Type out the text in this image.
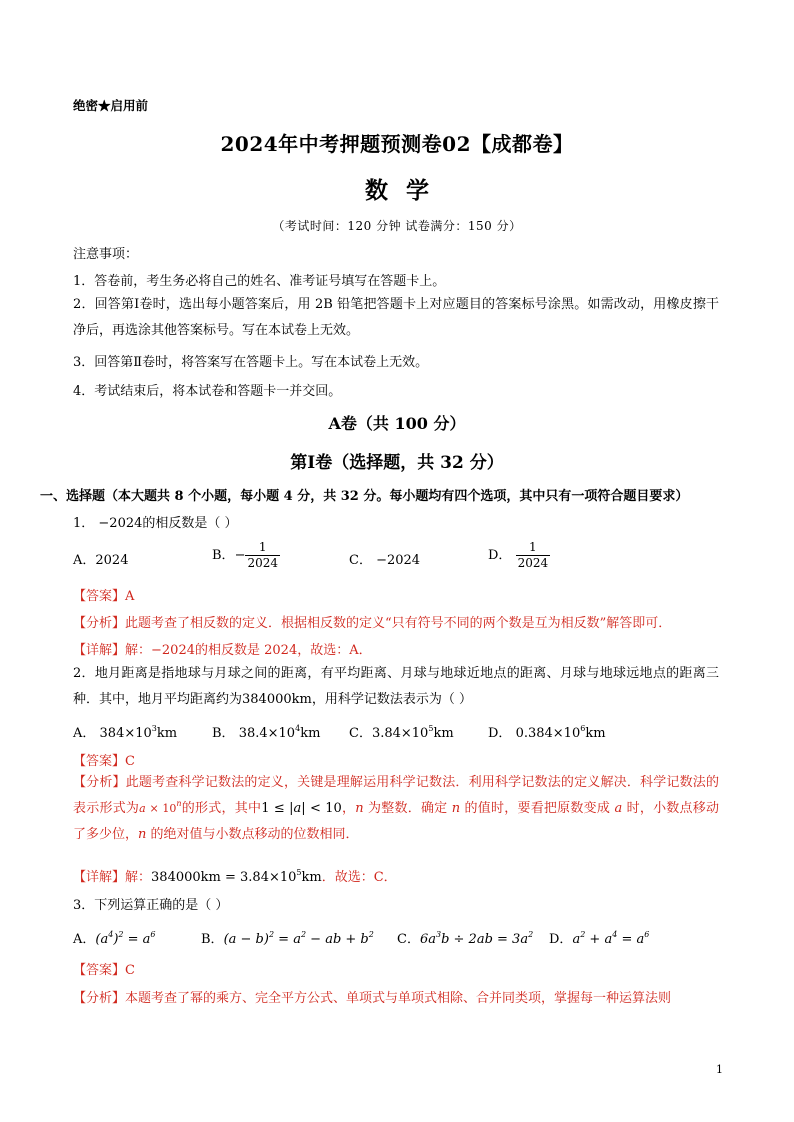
绝密★启用前
2024年中考押题预测卷02【成都卷】
数学
（考试时间：120 分钟 试卷满分：150 分）
注意事项：
1．答卷前，考生务必将自己的姓名、准考证号填写在答题卡上。
2．回答第Ⅰ卷时，选出每小题答案后，用 2B 铅笔把答题卡上对应题目的答案标号涂黑。如需改动，用橡皮擦干净后，再选涂其他答案标号。写在本试卷上无效。
3．回答第Ⅱ卷时，将答案写在答题卡上。写在本试卷上无效。
4．考试结束后，将本试卷和答题卡一并交回。
A卷（共 100 分）
第Ⅰ卷（选择题，共 32 分）
一、选择题（本大题共 8 个小题，每小题 4 分，共 32 分。每小题均有四个选项，其中只有一项符合题目要求）
1． −2024的相反数是（ ）
A．2024	B．− $\frac{1}{2024}$	C． −2024	D． $\frac{1}{2024}$
【答案】A
【分析】此题考查了相反数的定义．根据相反数的定义“只有符号不同的两个数是互为相反数”解答即可．
【详解】解：−2024的相反数是 2024，故选：A．
2．地月距离是指地球与月球之间的距离，有平均距离、月球与地球近地点的距离、月球与地球远地点的距离三种．其中，地月平均距离约为384000km，用科学记数法表示为（ ）
A． $384\times 10^3km$	B． $38.4\times 10^4km$ C．$3.84\times 10^5km$	D． $0.384\times 10^6km$
【答案】C
【分析】此题考查科学记数法的定义，关键是理解运用科学记数法．利用科学记数法的定义解决．科学记数法的表示形式为$a \times 10^n$的形式，其中1 ≤ |a| < 10，n 为整数．确定 n 的值时，要看把原数变成 a 时，小数点移动了多少位，n 的绝对值与小数点移动的位数相同．
【详解】解：$384000km = 3.84\times 10^5km$．故选：C．
3．下列运算正确的是（ ）
A．$(a^4)^2 = a^6$	B．$(a - b)^2 = a^2$ − ab + $b^2$ C．$6a^3b \div 2ab = 3a^2$ D．$a^2 + a^4 = a^6$
【答案】C
【分析】本题考查了幂的乘方、完全平方公式、单项式与单项式相除、合并同类项，掌握每一种运算法则
1
